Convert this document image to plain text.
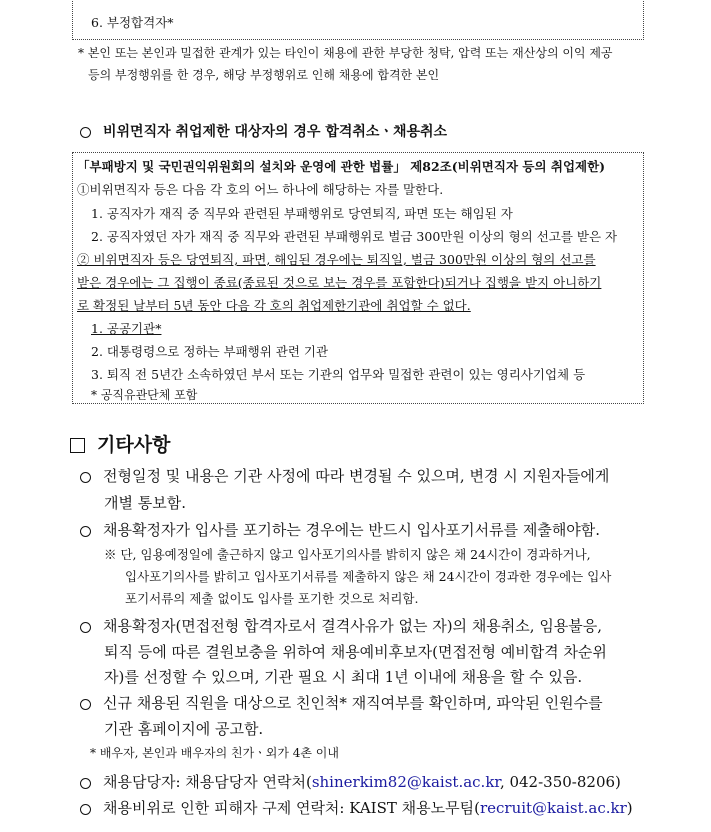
6. 부정합격자*
* 본인 또는 본인과 밀접한 관계가 있는 타인이 채용에 관한 부당한 청탁, 압력 또는 재산상의 이익 제공
등의 부정행위를 한 경우, 해당 부정행위로 인해 채용에 합격한 본인
비위면직자 취업제한 대상자의 경우 합격취소ㆍ채용취소
「부패방지 및 국민권익위원회의 설치와 운영에 관한 법률」 제82조(비위면직자 등의 취업제한)
①비위면직자 등은 다음 각 호의 어느 하나에 해당하는 자를 말한다.
1. 공직자가 재직 중 직무와 관련된 부패행위로 당연퇴직, 파면 또는 해임된 자
2. 공직자였던 자가 재직 중 직무와 관련된 부패행위로 벌금 300만원 이상의 형의 선고를 받은 자
② 비위면직자 등은 당연퇴직, 파면, 해임된 경우에는 퇴직일, 벌금 300만원 이상의 형의 선고를
받은 경우에는 그 집행이 종료(종료된 것으로 보는 경우를 포함한다)되거나 집행을 받지 아니하기
로 확정된 날부터 5년 동안 다음 각 호의 취업제한기관에 취업할 수 없다.
1. 공공기관*
2. 대통령령으로 정하는 부패행위 관련 기관
3. 퇴직 전 5년간 소속하였던 부서 또는 기관의 업무와 밀접한 관련이 있는 영리사기업체 등
* 공직유관단체 포함
기타사항
전형일정 및 내용은 기관 사정에 따라 변경될 수 있으며, 변경 시 지원자들에게
개별 통보함.
채용확정자가 입사를 포기하는 경우에는 반드시 입사포기서류를 제출해야함.
※ 단, 임용예정일에 출근하지 않고 입사포기의사를 밝히지 않은 채 24시간이 경과하거나,
입사포기의사를 밝히고 입사포기서류를 제출하지 않은 채 24시간이 경과한 경우에는 입사
포기서류의 제출 없이도 입사를 포기한 것으로 처리함.
채용확정자(면접전형 합격자로서 결격사유가 없는 자)의 채용취소, 임용불응,
퇴직 등에 따른 결원보충을 위하여 채용예비후보자(면접전형 예비합격 차순위
자)를 선정할 수 있으며, 기관 필요 시 최대 1년 이내에 채용을 할 수 있음.
신규 채용된 직원을 대상으로 친인척* 재직여부를 확인하며, 파악된 인원수를
기관 홈페이지에 공고함.
* 배우자, 본인과 배우자의 친가ㆍ외가 4촌 이내
채용담당자: 채용담당자 연락처(shinerkim82@kaist.ac.kr, 042-350-8206)
채용비위로 인한 피해자 구제 연락처: KAIST 채용노무팀(recruit@kaist.ac.kr)
